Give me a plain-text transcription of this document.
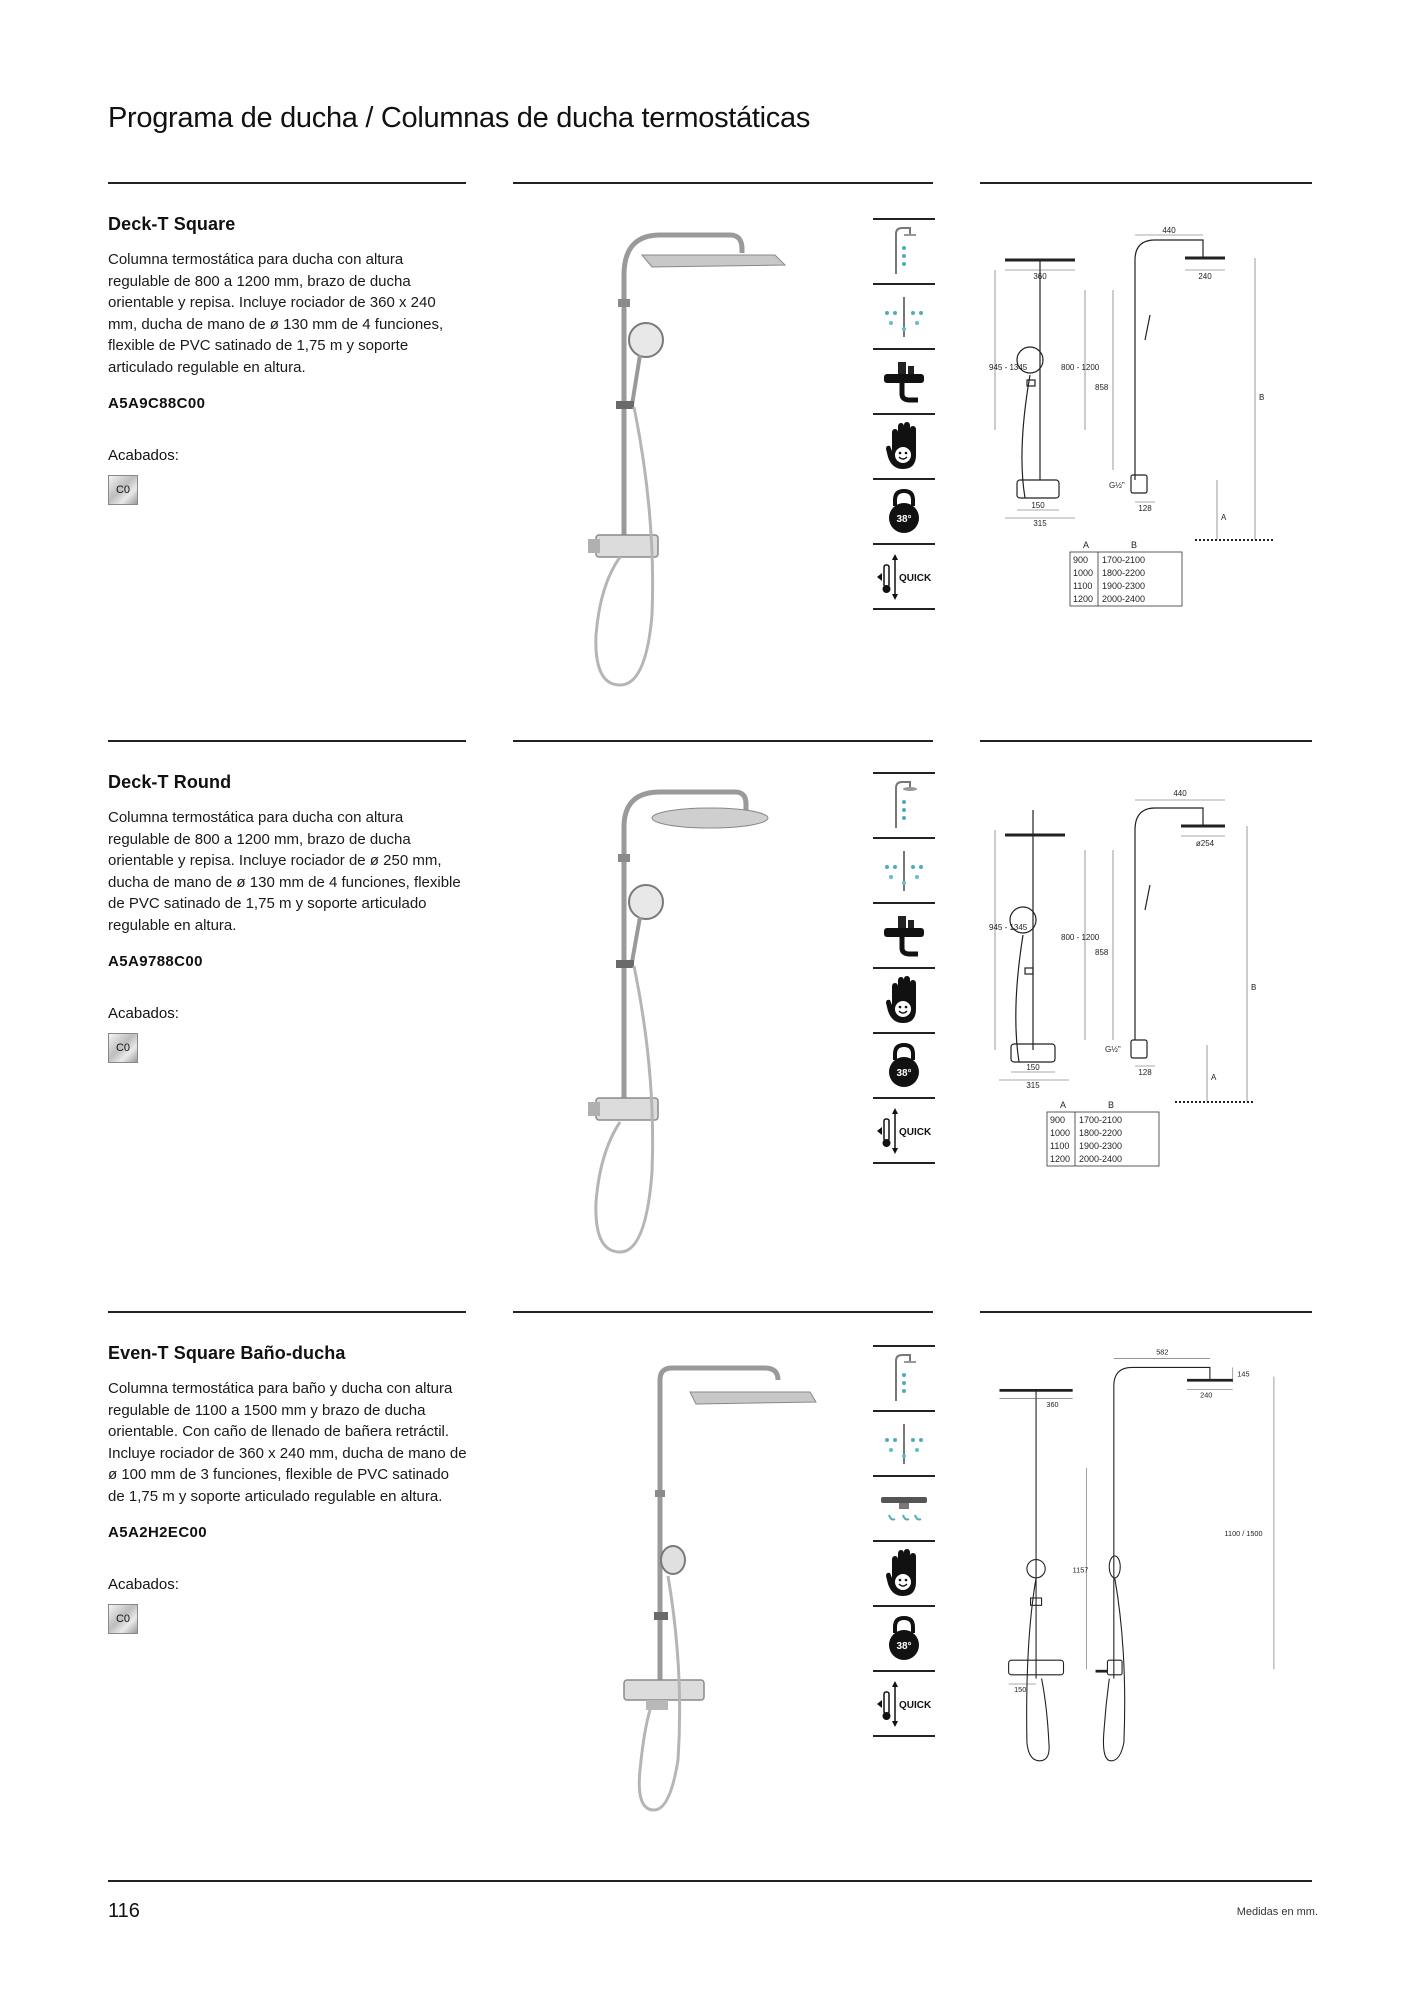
Programa de ducha / Columnas de ducha termostáticas
Deck-T Square
Columna termostática para ducha con altura regulable de 800 a 1200 mm, brazo de ducha orientable y repisa. Incluye rociador de 360 x 240 mm, ducha de mano de ø 130 mm de 4 funciones, flexible de PVC satinado de 1,75 m y soporte articulado regulable en altura.
A5A9C88C00
Acabados:
C0
38°
QUICK
440
360	240
945 - 1345	800 - 1200
858
G½"
150
315
128
A
B
A	B
900 1700-2100
1000 1800-2200
1100 1900-2300
1200 2000-2400
Deck-T Round
Columna termostática para ducha con altura regulable de 800 a 1200 mm, brazo de ducha orientable y repisa. Incluye rociador de ø 250 mm, ducha de mano de ø 130 mm de 4 funciones, flexible de PVC satinado de 1,75 m y soporte articulado regulable en altura.
A5A9788C00
Acabados:
C0
38°
QUICK
440
ø254
945 - 1345
800 - 1200
858
G½"
150
315
128
A
B
A	B
900 1700-2100
1000 1800-2200
1100 1900-2300
1200 2000-2400
Even-T Square Baño-ducha
Columna termostática para baño y ducha con altura regulable de 1100 a 1500 mm y brazo de ducha orientable. Con caño de llenado de bañera retráctil. Incluye rociador de 360 x 240 mm, ducha de mano de ø 100 mm de 3 funciones, flexible de PVC satinado de 1,75 m y soporte articulado regulable en altura.
A5A2H2EC00
Acabados:
C0
38°
QUICK
582
360
240
145
1157
1100 / 1500
150
116	Medidas en mm.
